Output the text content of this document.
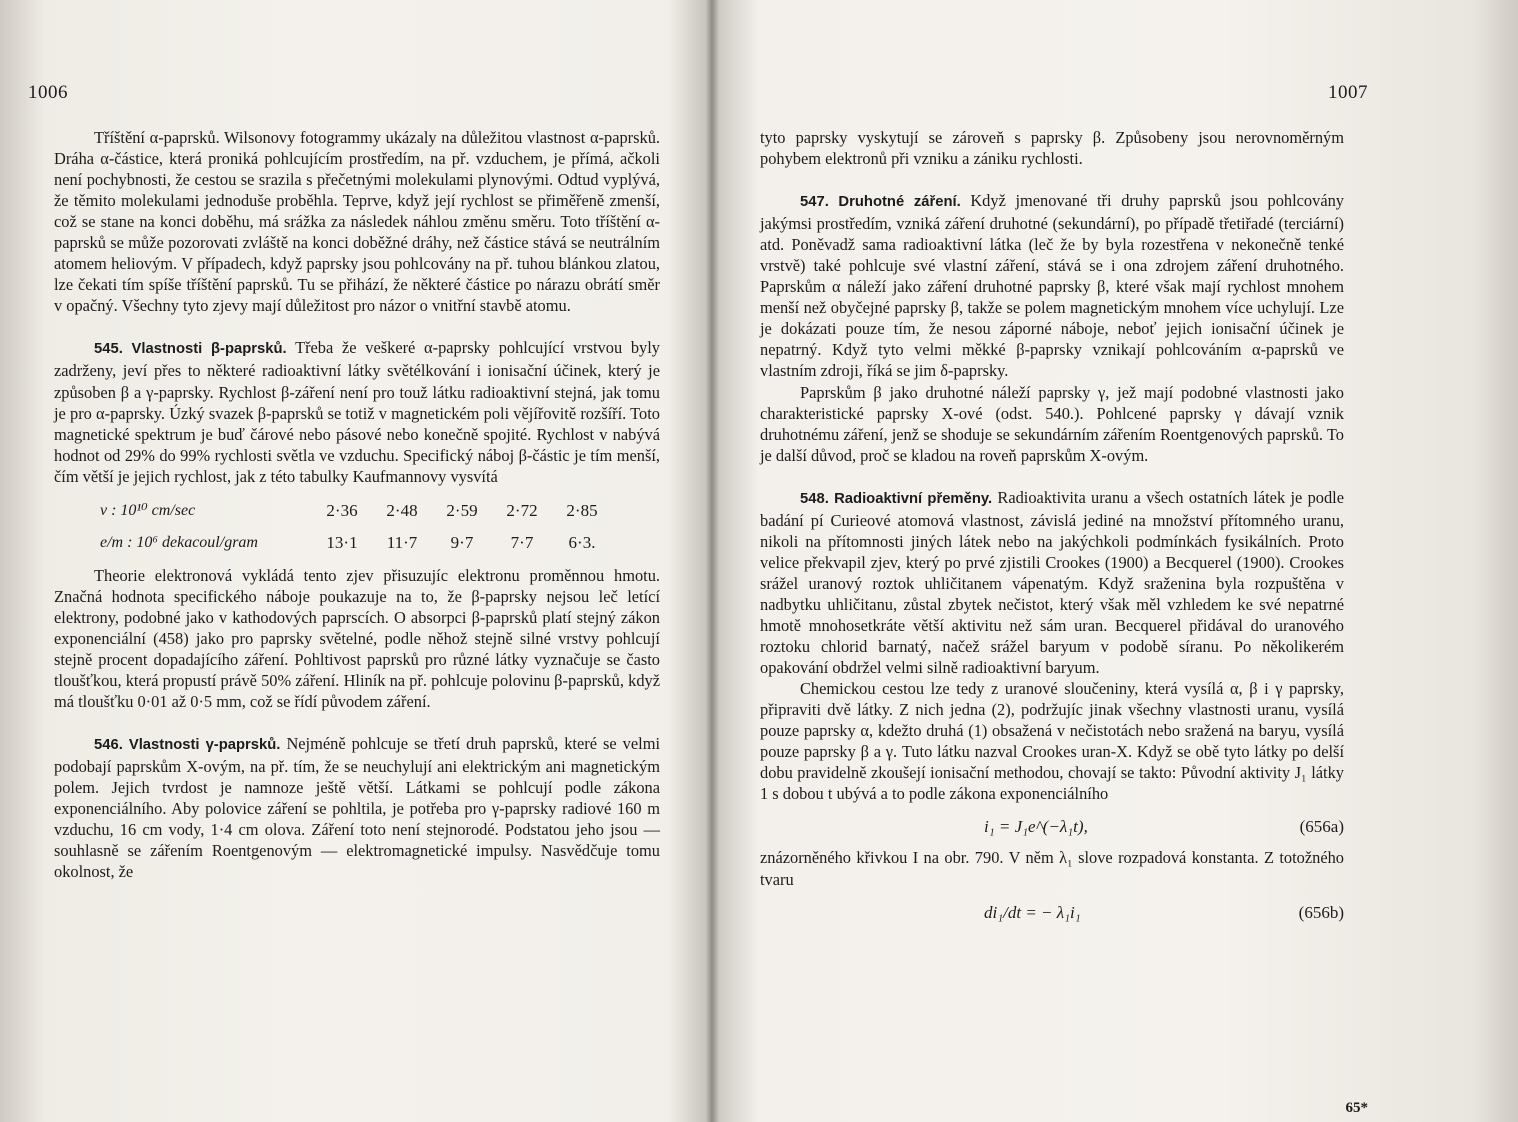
1006

Tříštění α-paprsků. Wilsonovy fotogrammy ukázaly na důležitou vlastnost α-paprsků. Dráha α-částice, která proniká pohlcujícím prostředím, na př. vzduchem, je přímá, ačkoli není pochybnosti, že cestou se srazila s přečetnými molekulami plynovými. Odtud vyplývá, že těmito molekulami jednoduše proběhla. Teprve, když její rychlost se přiměřeně zmenší, což se stane na konci doběhu, má srážka za následek náhlou změnu směru. Toto tříštění α-paprsků se může pozorovati zvláště na konci doběžné dráhy, než částice stává se neutrálním atomem heliovým. V případech, když paprsky jsou pohlcovány na př. tuhou blánkou zlatou, lze čekati tím spíše tříštění paprsků. Tu se přihází, že některé částice po nárazu obrátí směr v opačný. Všechny tyto zjevy mají důležitost pro názor o vnitřní stavbě atomu.

545. Vlastnosti β-paprsků. Třeba že veškeré α-paprsky pohlcující vrstvou byly zadrženy, jeví přes to některé radioaktivní látky světélkování i ionisační účinek, který je způsoben β a γ-paprsky. Rychlost β-záření není pro touž látku radioaktivní stejná, jak tomu je pro α-paprsky. Úzký svazek β-paprsků se totiž v magnetickém poli vějířovitě rozšíří. Toto magnetické spektrum je buď čárové nebo pásové nebo konečně spojité. Rychlost v nabývá hodnot od 29% do 99% rychlosti světla ve vzduchu. Specifický náboj β-částic je tím menší, čím větší je jejich rychlost, jak z této tabulky Kaufmannovy vysvítá

v : 10¹⁰ cm/sec	2·36	2·48	2·59	2·72	2·85
e/m : 10⁶ dekacoul/gram	13·1	11·7	9·7	7·7	6·3.

Theorie elektronová vykládá tento zjev přisuzujíc elektronu proměnnou hmotu. Značná hodnota specifického náboje poukazuje na to, že β-paprsky nejsou leč letící elektrony, podobné jako v kathodových paprscích. O absorpci β-paprsků platí stejný zákon exponenciální (458) jako pro paprsky světelné, podle něhož stejně silné vrstvy pohlcují stejně procent dopadajícího záření. Pohltivost paprsků pro různé látky vyznačuje se často tloušťkou, která propustí právě 50% záření. Hliník na př. pohlcuje polovinu β-paprsků, když má tloušťku 0·01 až 0·5 mm, což se řídí původem záření.

546. Vlastnosti γ-paprsků. Nejméně pohlcuje se třetí druh paprsků, které se velmi podobají paprskům X-ovým, na př. tím, že se neuchylují ani elektrickým ani magnetickým polem. Jejich tvrdost je namnoze ještě větší. Látkami se pohlcují podle zákona exponenciálního. Aby polovice záření se pohltila, je potřeba pro γ-paprsky radiové 160 m vzduchu, 16 cm vody, 1·4 cm olova. Záření toto není stejnorodé. Podstatou jeho jsou — souhlasně se zářením Roentgenovým — elektromagnetické impulsy. Nasvědčuje tomu okolnost, že

1007

tyto paprsky vyskytují se zároveň s paprsky β. Způsobeny jsou nerovnoměrným pohybem elektronů při vzniku a zániku rychlosti.

547. Druhotné záření. Když jmenované tři druhy paprsků jsou pohlcovány jakýmsi prostředím, vzniká záření druhotné (sekundární), po případě třetiřadé (terciární) atd. Poněvadž sama radioaktivní látka (leč že by byla rozestřena v nekonečně tenké vrstvě) také pohlcuje své vlastní záření, stává se i ona zdrojem záření druhotného. Paprskům α náleží jako záření druhotné paprsky β, které však mají rychlost mnohem menší než obyčejné paprsky β, takže se polem magnetickým mnohem více uchylují. Lze je dokázati pouze tím, že nesou záporné náboje, neboť jejich ionisační účinek je nepatrný. Když tyto velmi měkké β-paprsky vznikají pohlcováním α-paprsků ve vlastním zdroji, říká se jim δ-paprsky.

Paprskům β jako druhotné náleží paprsky γ, jež mají podobné vlastnosti jako charakteristické paprsky X-ové (odst. 540.). Pohlcené paprsky γ dávají vznik druhotnému záření, jenž se shoduje se sekundárním zářením Roentgenových paprsků. To je další důvod, proč se kladou na roveň paprskům X-ovým.

548. Radioaktivní přeměny. Radioaktivita uranu a všech ostatních látek je podle badání pí Curieové atomová vlastnost, závislá jediné na množství přítomného uranu, nikoli na přítomnosti jiných látek nebo na jakýchkoli podmínkách fysikálních. Proto velice překvapil zjev, který po prvé zjistili Crookes (1900) a Becquerel (1900). Crookes srážel uranový roztok uhličitanem vápenatým. Když sraženina byla rozpuštěna v nadbytku uhličitanu, zůstal zbytek nečistot, který však měl vzhledem ke své nepatrné hmotě mnohosetkráte větší aktivitu než sám uran. Becquerel přidával do uranového roztoku chlorid barnatý, načež srážel baryum v podobě síranu. Po několikerém opakování obdržel velmi silně radioaktivní baryum.

Chemickou cestou lze tedy z uranové sloučeniny, která vysílá α, β i γ paprsky, připraviti dvě látky. Z nich jedna (2), podržujíc jinak všechny vlastnosti uranu, vysílá pouze paprsky α, kdežto druhá (1) obsažená v nečistotách nebo sražená na baryu, vysílá pouze paprsky β a γ. Tuto látku nazval Crookes uran-X. Když se obě tyto látky po delší dobu pravidelně zkoušejí ionisační methodou, chovají se takto: Původní aktivity J₁ látky 1 s dobou t ubývá a to podle zákona exponenciálního

i₁ = J₁e^(−λ₁t),	(656a)

znázorněného křivkou I na obr. 790. V něm λ₁ slove rozpadová konstanta. Z totožného tvaru

di₁/dt = − λ₁i₁	(656b)
65*
